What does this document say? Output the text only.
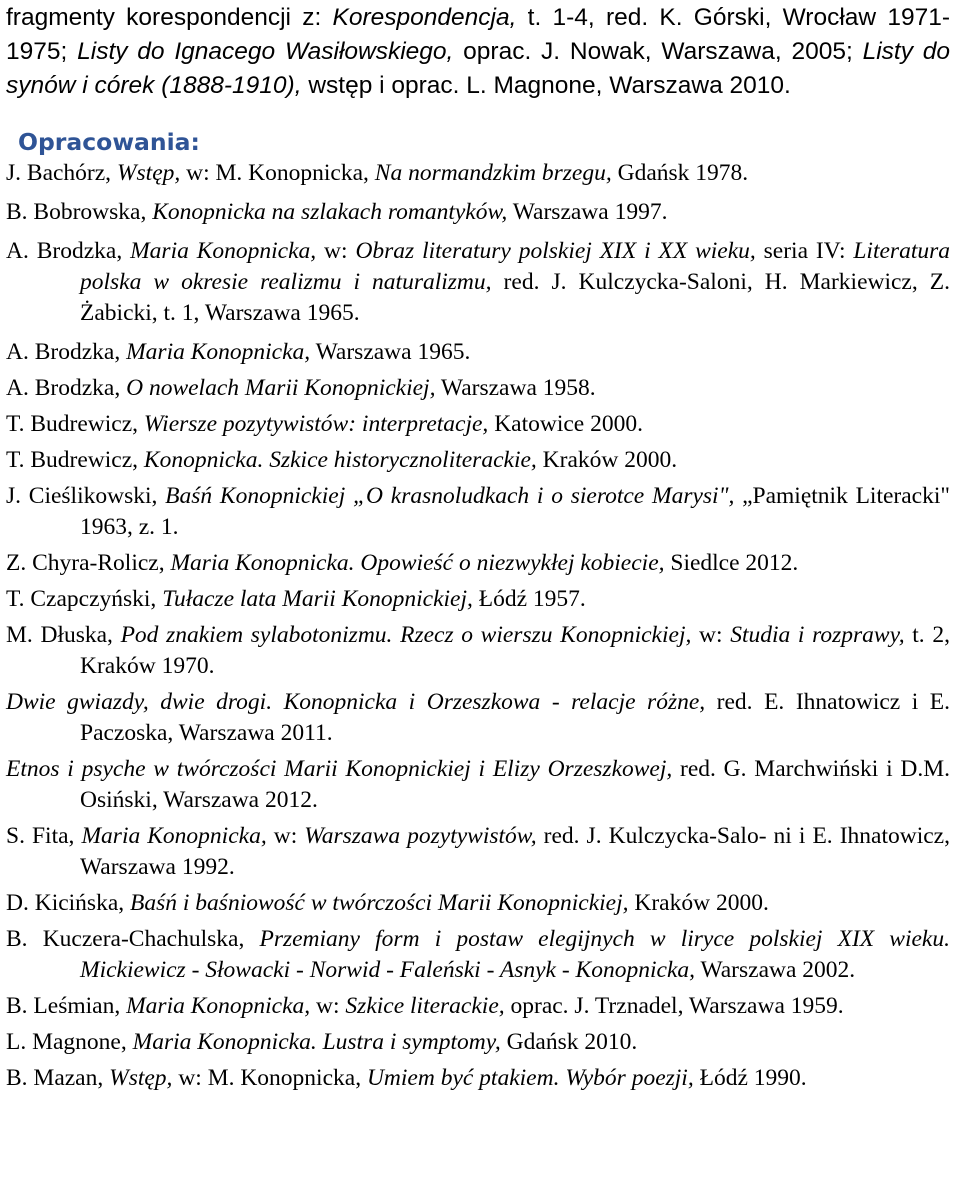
fragmenty korespondencji z: Korespondencja, t. 1-4, red. K. Górski, Wrocław 1971-1975; Listy do Ignacego Wasiłowskiego, oprac. J. Nowak, Warszawa, 2005; Listy do synów i córek (1888-1910), wstęp i oprac. L. Magnone, Warszawa 2010.

Opracowania:

J. Bachórz, Wstęp, w: M. Konopnicka, Na normandzkim brzegu, Gdańsk 1978.

B. Bobrowska, Konopnicka na szlakach romantyków, Warszawa 1997.

A. Brodzka, Maria Konopnicka, w: Obraz literatury polskiej XIX i XX wieku, seria IV: Literatura polska w okresie realizmu i naturalizmu, red. J. Kulczycka-Saloni, H. Markiewicz, Z. Żabicki, t. 1, Warszawa 1965.

A. Brodzka, Maria Konopnicka, Warszawa 1965.

A. Brodzka, O nowelach Marii Konopnickiej, Warszawa 1958.

T. Budrewicz, Wiersze pozytywistów: interpretacje, Katowice 2000.

T. Budrewicz, Konopnicka. Szkice historycznoliterackie, Kraków 2000.

J. Cieślikowski, Baśń Konopnickiej „O krasnoludkach i o sierotce Marysi", „Pamiętnik Literacki" 1963, z. 1.

Z. Chyra-Rolicz, Maria Konopnicka. Opowieść o niezwykłej kobiecie, Siedlce 2012.

T. Czapczyński, Tułacze lata Marii Konopnickiej, Łódź 1957.

M. Dłuska, Pod znakiem sylabotonizmu. Rzecz o wierszu Konopnickiej, w: Studia i rozprawy, t. 2, Kraków 1970.

Dwie gwiazdy, dwie drogi. Konopnicka i Orzeszkowa - relacje różne, red. E. Ihnatowicz i E. Paczoska, Warszawa 2011.

Etnos i psyche w twórczości Marii Konopnickiej i Elizy Orzeszkowej, red. G. Marchwiński i D.M. Osiński, Warszawa 2012.

S. Fita, Maria Konopnicka, w: Warszawa pozytywistów, red. J. Kulczycka-Salo- ni i E. Ihnatowicz, Warszawa 1992.

D. Kicińska, Baśń i baśniowość w twórczości Marii Konopnickiej, Kraków 2000.

B. Kuczera-Chachulska, Przemiany form i postaw elegijnych w liryce polskiej XIX wieku. Mickiewicz - Słowacki - Norwid - Faleński - Asnyk - Konopnicka, Warszawa 2002.

B. Leśmian, Maria Konopnicka, w: Szkice literackie, oprac. J. Trznadel, Warszawa 1959.

L. Magnone, Maria Konopnicka. Lustra i symptomy, Gdańsk 2010.

B. Mazan, Wstęp, w: M. Konopnicka, Umiem być ptakiem. Wybór poezji, Łódź 1990.
